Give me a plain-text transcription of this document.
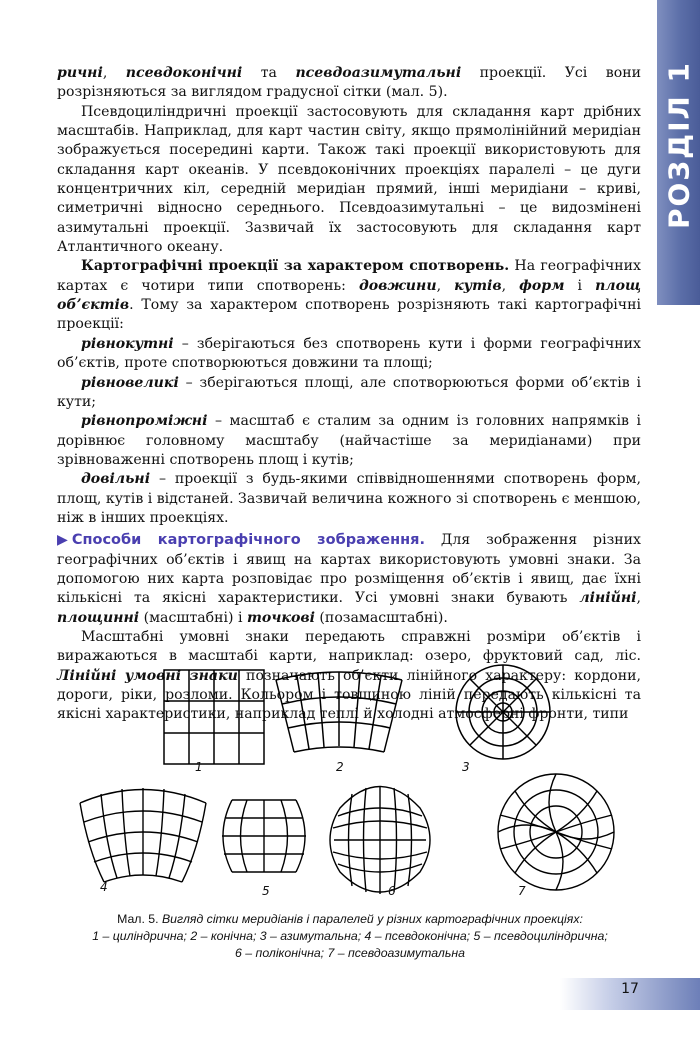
РОЗДІЛ 1

ричні, псевдоконічні та псевдоазимутальні проекції. Усі вони розрізняються за виглядом градусної сітки (мал. 5).

Псевдоциліндричні проекції застосовують для складання карт дрібних масштабів. Наприклад, для карт частин світу, якщо прямолінійний меридіан зображується посередині карти. Також такі проекції використовують для складання карт океанів. У псевдоконічних проекціях паралелі – це дуги концентричних кіл, середній меридіан прямий, інші меридіани – криві, симетричні відносно середнього. Псевдоазимутальні – це видозмінені азимутальні проекції. Зазвичай їх застосовують для складання карт Атлантичного океану.

Картографічні проекції за характером спотворень. На географічних картах є чотири типи спотворень: довжини, кутів, форм і площ об’єктів. Тому за характером спотворень розрізняють такі картографічні проекції:

рівнокутні – зберігаються без спотворень кути і форми географічних об’єктів, проте спотворюються довжини та площі;

рівновеликі – зберігаються площі, але спотворюються форми об’єктів і кути;

рівнопроміжні – масштаб є сталим за одним із головних напрямків і дорівнює головному масштабу (найчастіше за меридіанами) при зрівноваженні спотворень площ і кутів;

довільні – проекції з будь-якими співвідношеннями спотворень форм, площ, кутів і відстаней. Зазвичай величина кожного зі спотворень є меншою, ніж в інших проекціях.

▶ Способи картографічного зображення. Для зображення різних географічних об’єктів і явищ на картах використовують умовні знаки. За допомогою них карта розповідає про розміщення об’єктів і явищ, дає їхні кількісні та якісні характеристики. Усі умовні знаки бувають лінійні, площинні (масштабні) і точкові (позамасштабні).

Масштабні умовні знаки передають справжні розміри об’єктів і виражаються в масштабі карти, наприклад: озеро, фруктовий сад, ліс. Лінійні умовні знаки позначають об’єкти лінійного характеру: кордони, дороги, ріки, розломи. Кольором і товщиною ліній передають кількісні та якісні характеристики, наприклад теплі й холодні атмосферні фронти, типи

1	2	3
4	5	6	7
Мал. 5. Вигляд сітки меридіанів і паралелей у різних картографічних проекціях:
1 – циліндрична; 2 – конічна; 3 – азимутальна; 4 – псевдоконічна; 5 – псевдоциліндрична;
6 – поліконічна; 7 – псевдоазимутальна
17
